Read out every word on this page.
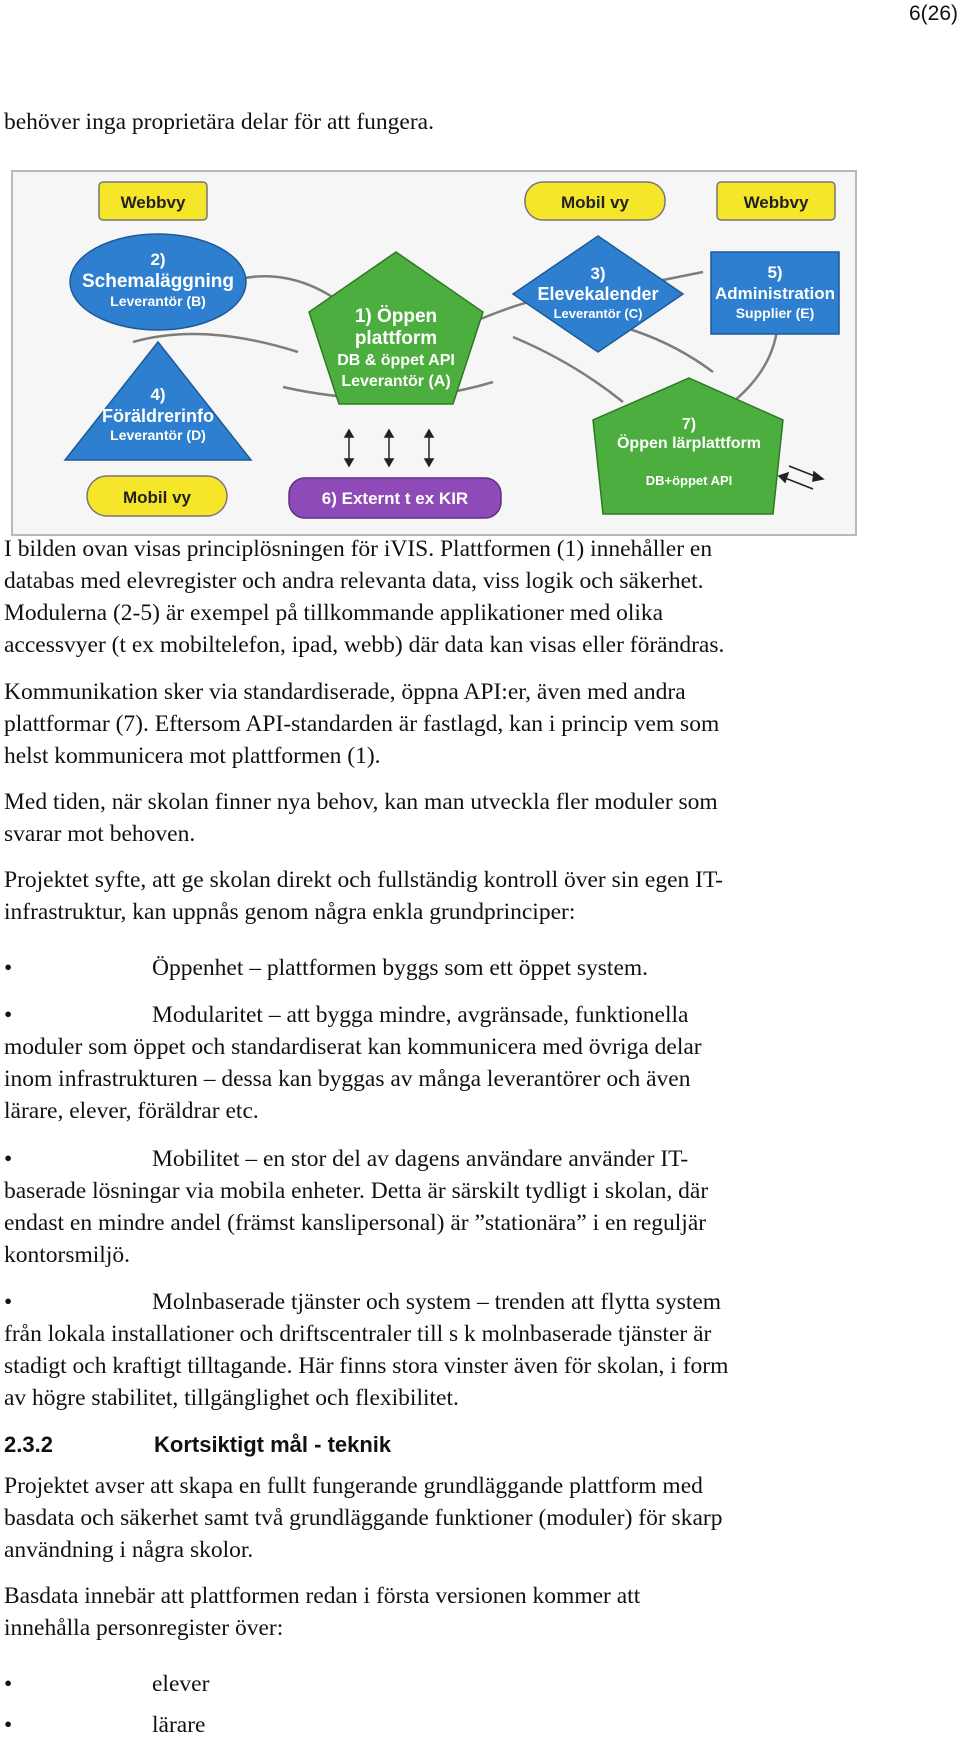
6(26)

behöver inga proprietära delar för att fungera.

Webbvy	Mobil vy	Webbvy
Mobil vy
2)
Schemaläggning
Leverantör (B)
1) Öppen
plattform
DB & öppet API
Leverantör (A)
3)
Elevekalender
Leverantör (C)
5)
Administration
Supplier (E)
4)
Föräldrerinfo
Leverantör (D)
7)
Öppen lärplattform
DB+öppet API
6) Externt t ex KIR

I bilden ovan visas principlösningen för iVIS. Plattformen (1) innehåller en

databas med elevregister och andra relevanta data, viss logik och säkerhet.

Modulerna (2-5) är exempel på tillkommande applikationer med olika

accessvyer (t ex mobiltelefon, ipad, webb) där data kan visas eller förändras.

Kommunikation sker via standardiserade, öppna API:er, även med andra

plattformar (7). Eftersom API-standarden är fastlagd, kan i princip vem som

helst kommunicera mot plattformen (1).

Med tiden, när skolan finner nya behov, kan man utveckla fler moduler som

svarar mot behoven.

Projektet syfte, att ge skolan direkt och fullständig kontroll över sin egen IT-

infrastruktur, kan uppnås genom några enkla grundprinciper:

•	Öppenhet – plattformen byggs som ett öppet system.
•	Modularitet – att bygga mindre, avgränsade, funktionella

moduler som öppet och standardiserat kan kommunicera med övriga delar

inom infrastrukturen – dessa kan byggas av många leverantörer och även

lärare, elever, föräldrar etc.

•	Mobilitet – en stor del av dagens användare använder IT-

baserade lösningar via mobila enheter. Detta är särskilt tydligt i skolan, där

endast en mindre andel (främst kanslipersonal) är ”stationära” i en reguljär

kontorsmiljö.

•	Molnbaserade tjänster och system – trenden att flytta system

från lokala installationer och driftscentraler till s k molnbaserade tjänster är

stadigt och kraftigt tilltagande. Här finns stora vinster även för skolan, i form

av högre stabilitet, tillgänglighet och flexibilitet.

2.3.2	Kortsiktigt mål - teknik

Projektet avser att skapa en fullt fungerande grundläggande plattform med

basdata och säkerhet samt två grundläggande funktioner (moduler) för skarp

användning i några skolor.

Basdata innebär att plattformen redan i första versionen kommer att

innehålla personregister över:

•	elever
•	lärare
